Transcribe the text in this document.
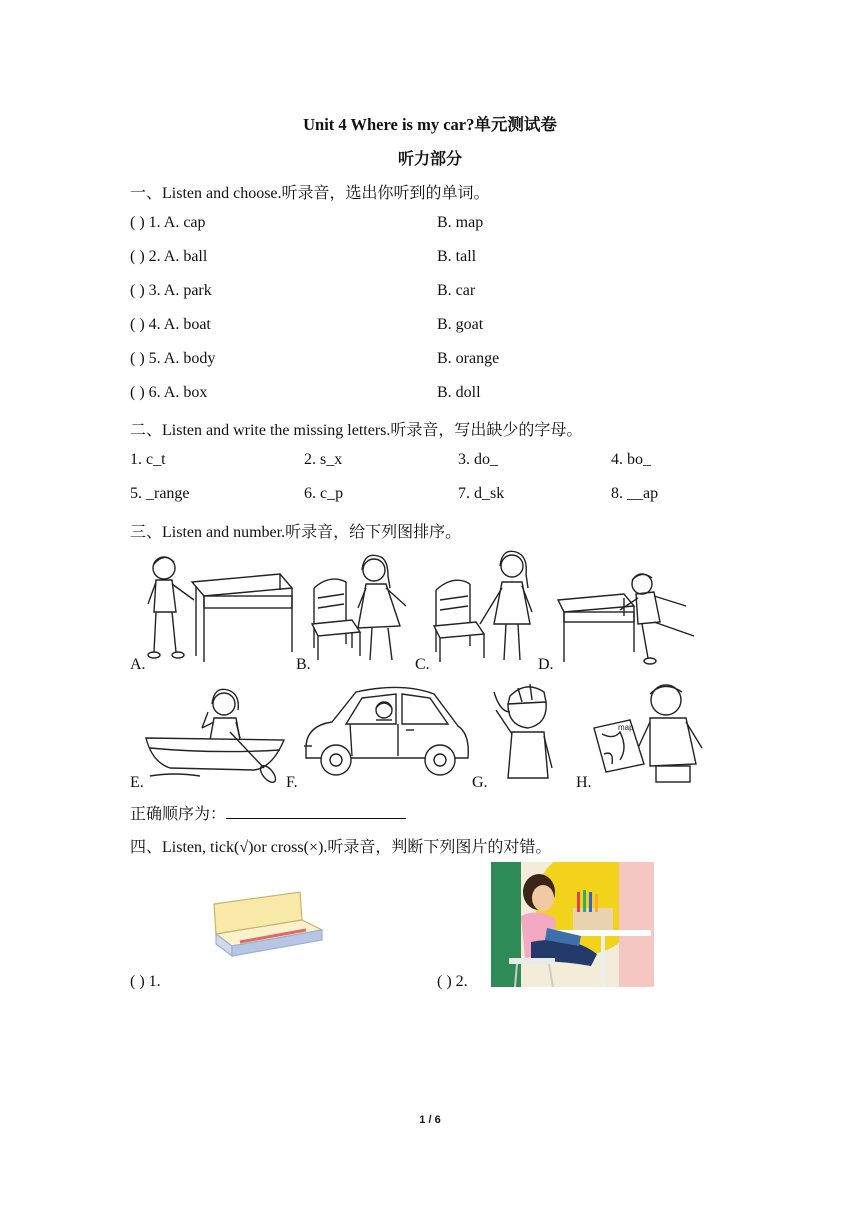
Unit 4 Where is my car?单元测试卷
听力部分
一、Listen and choose.听录音，选出你听到的单词。
( ) 1. A. cap	B. map
( ) 2. A. ball	B. tall
( ) 3. A. park	B. car
( ) 4. A. boat	B. goat
( ) 5. A. body	B. orange
( ) 6. A. box	B. doll
二、Listen and write the missing letters.听录音，写出缺少的字母。
1. c_t	2. s_x	3. do_	4. bo_
5. _range	6. c_p	7. d_sk	8. __ap
三、Listen and number.听录音，给下列图排序。
A.	B.	C.	D.
E.	F.	G.
map
H.
正确顺序为：
四、Listen, tick(√)or cross(×).听录音，判断下列图片的对错。
( ) 1.	( ) 2.
1 / 6
